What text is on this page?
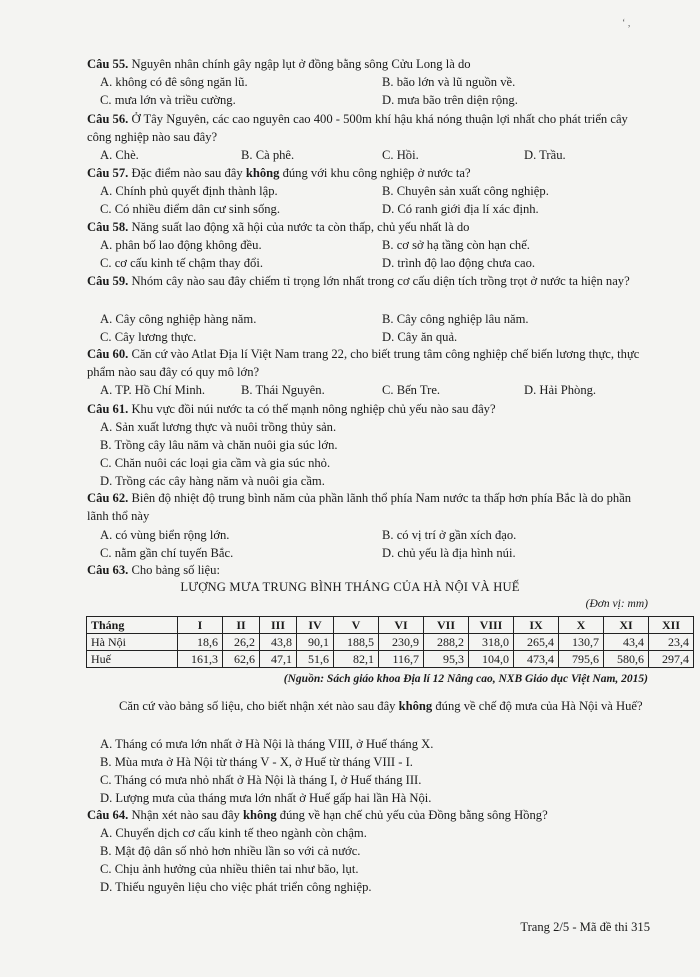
‘ ,
Câu 55. Nguyên nhân chính gây ngập lụt ở đồng bằng sông Cửu Long là do
A. không có đê sông ngăn lũ.	B. bão lớn và lũ nguồn về.
C. mưa lớn và triều cường.	D. mưa bão trên diện rộng.
Câu 56. Ở Tây Nguyên, các cao nguyên cao 400 - 500m khí hậu khá nóng thuận lợi nhất cho phát triển cây công nghiệp nào sau đây?
A. Chè.	B. Cà phê.	C. Hồi.	D. Trầu.
Câu 57. Đặc điểm nào sau đây không đúng với khu công nghiệp ở nước ta?
A. Chính phủ quyết định thành lập.	B. Chuyên sản xuất công nghiệp.
C. Có nhiều điểm dân cư sinh sống.	D. Có ranh giới địa lí xác định.
Câu 58. Năng suất lao động xã hội của nước ta còn thấp, chủ yếu nhất là do
A. phân bố lao động không đều.	B. cơ sở hạ tầng còn hạn chế.
C. cơ cấu kinh tế chậm thay đổi.	D. trình độ lao động chưa cao.
Câu 59. Nhóm cây nào sau đây chiếm tỉ trọng lớn nhất trong cơ cấu diện tích trồng trọt ở nước ta hiện nay?
A. Cây công nghiệp hàng năm.	B. Cây công nghiệp lâu năm.
C. Cây lương thực.	D. Cây ăn quả.
Câu 60. Căn cứ vào Atlat Địa lí Việt Nam trang 22, cho biết trung tâm công nghiệp chế biến lương thực, thực phẩm nào sau đây có quy mô lớn?
A. TP. Hồ Chí Minh.	B. Thái Nguyên.	C. Bến Tre.	D. Hải Phòng.
Câu 61. Khu vực đồi núi nước ta có thế mạnh nông nghiệp chủ yếu nào sau đây?
A. Sản xuất lương thực và nuôi trồng thủy sản.
B. Trồng cây lâu năm và chăn nuôi gia súc lớn.
C. Chăn nuôi các loại gia cầm và gia súc nhỏ.
D. Trồng các cây hàng năm và nuôi gia cầm.
Câu 62. Biên độ nhiệt độ trung bình năm của phần lãnh thổ phía Nam nước ta thấp hơn phía Bắc là do phần lãnh thổ này
A. có vùng biển rộng lớn.	B. có vị trí ở gần xích đạo.
C. nằm gần chí tuyến Bắc.	D. chủ yếu là địa hình núi.
Câu 63. Cho bảng số liệu:
LƯỢNG MƯA TRUNG BÌNH THÁNG CỦA HÀ NỘI VÀ HUẾ
(Đơn vị: mm)
Tháng	I	II	III	IV	V	VI	VII	VIII	IX	X	XI	XII
Hà Nội	18,6	26,2	43,8	90,1	188,5	230,9	288,2	318,0	265,4	130,7	43,4	23,4
Huế	161,3	62,6	47,1	51,6	82,1	116,7	95,3	104,0	473,4	795,6	580,6	297,4
(Nguồn: Sách giáo khoa Địa lí 12 Nâng cao, NXB Giáo dục Việt Nam, 2015)
Căn cứ vào bảng số liệu, cho biết nhận xét nào sau đây không đúng về chế độ mưa của Hà Nội và Huế?
A. Tháng có mưa lớn nhất ở Hà Nội là tháng VIII, ở Huế tháng X.
B. Mùa mưa ở Hà Nội từ tháng V - X, ở Huế từ tháng VIII - I.
C. Tháng có mưa nhỏ nhất ở Hà Nội là tháng I, ở Huế tháng III.
D. Lượng mưa của tháng mưa lớn nhất ở Huế gấp hai lần Hà Nội.
Câu 64. Nhận xét nào sau đây không đúng về hạn chế chủ yếu của Đồng bằng sông Hồng?
A. Chuyển dịch cơ cấu kinh tế theo ngành còn chậm.
B. Mật độ dân số nhỏ hơn nhiều lần so với cả nước.
C. Chịu ảnh hưởng của nhiều thiên tai như bão, lụt.
D. Thiếu nguyên liệu cho việc phát triển công nghiệp.
Trang 2/5 - Mã đề thi 315
